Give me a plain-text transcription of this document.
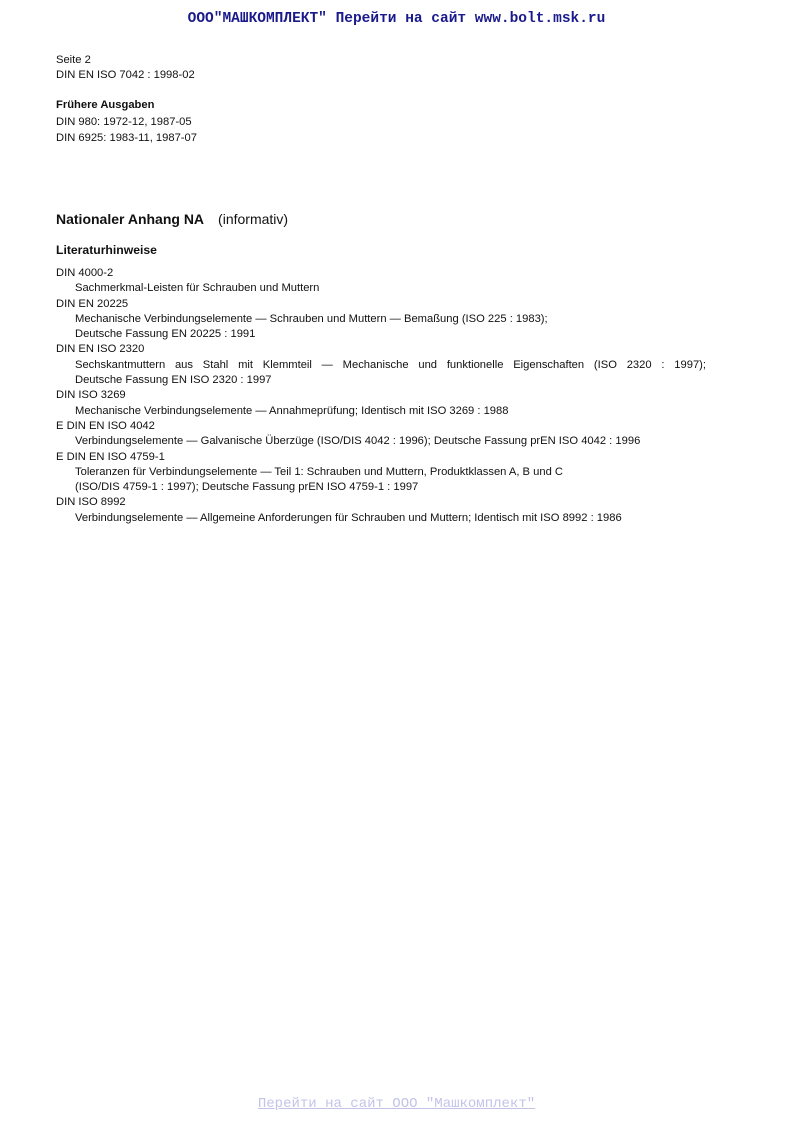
ООО"МАШКОМПЛЕКТ" Перейти на сайт www.bolt.msk.ru
Seite 2
DIN EN ISO 7042 : 1998-02
Frühere Ausgaben
DIN 980: 1972-12, 1987-05
DIN 6925: 1983-11, 1987-07
Nationaler Anhang NA (informativ)
Literaturhinweise
DIN 4000-2
Sachmerkmal-Leisten für Schrauben und Muttern
DIN EN 20225
Mechanische Verbindungselemente — Schrauben und Muttern — Bemaßung (ISO 225 : 1983);
Deutsche Fassung EN 20225 : 1991
DIN EN ISO 2320
Sechskantmuttern aus Stahl mit Klemmteil — Mechanische und funktionelle Eigenschaften (ISO 2320 : 1997);
Deutsche Fassung EN ISO 2320 : 1997
DIN ISO 3269
Mechanische Verbindungselemente — Annahmeprüfung; Identisch mit ISO 3269 : 1988
E DIN EN ISO 4042
Verbindungselemente — Galvanische Überzüge (ISO/DIS 4042 : 1996); Deutsche Fassung prEN ISO 4042 : 1996
E DIN EN ISO 4759-1
Toleranzen für Verbindungselemente — Teil 1: Schrauben und Muttern, Produktklassen A, B und C
(ISO/DIS 4759-1 : 1997); Deutsche Fassung prEN ISO 4759-1 : 1997
DIN ISO 8992
Verbindungselemente — Allgemeine Anforderungen für Schrauben und Muttern; Identisch mit ISO 8992 : 1986
Перейти на сайт ООО "Машкомплект"
